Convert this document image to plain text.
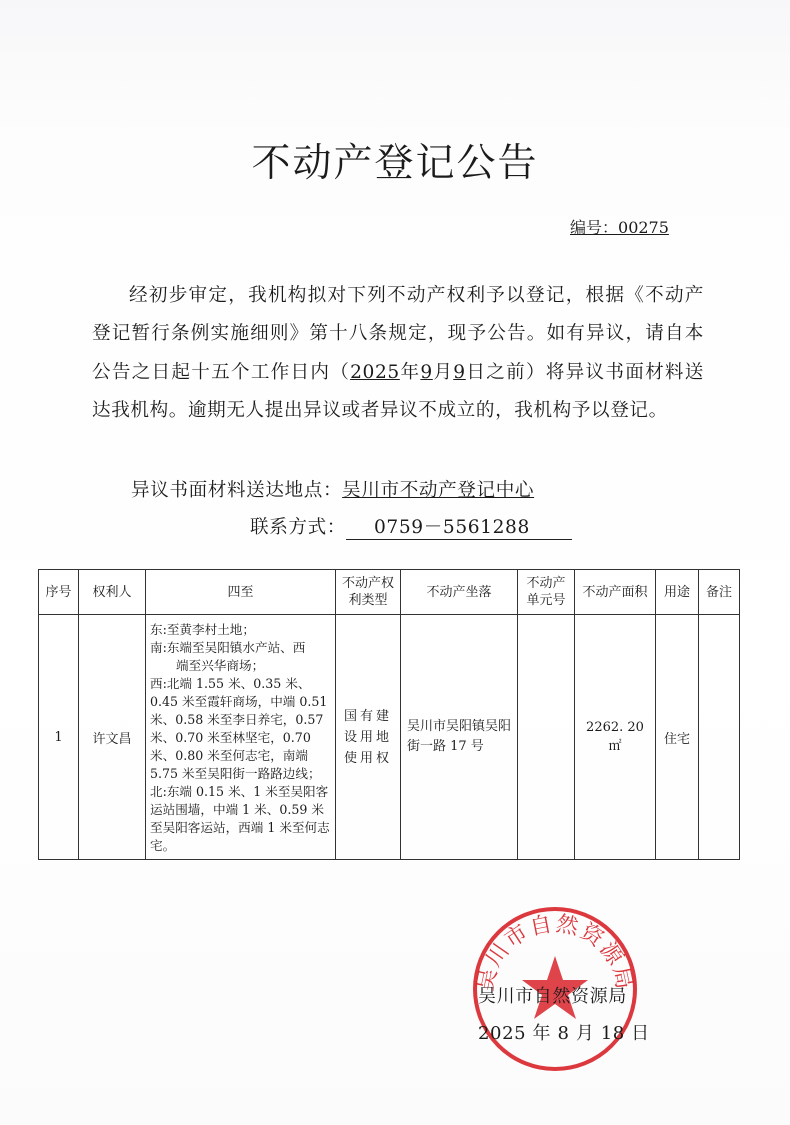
不动产登记公告
编号：00275
经初步审定，我机构拟对下列不动产权利予以登记，根据《不动产登记暂行条例实施细则》第十八条规定，现予公告。如有异议，请自本公告之日起十五个工作日内（2025年9月9日之前）将异议书面材料送达我机构。逾期无人提出异议或者异议不成立的，我机构予以登记。
异议书面材料送达地点：吴川市不动产登记中心
联系方式： 0759－5561288
序号	权利人	四至	不动产权利类型	不动产坐落	不动产单元号	不动产面积	用途	备注
1	许文昌	东:至黄李村土地；
南:东端至吴阳镇水产站、西
端至兴华商场；
西:北端 1.55 米、0.35 米、0.45 米至霞轩商场，中端 0.51 米、0.58 米至李日养宅，0.57 米、0.70 米至林坚宅，0.70 米、0.80 米至何志宅，南端 5.75 米至吴阳街一路路边线；
北:东端 0.15 米、1 米至吴阳客运站围墙，中端 1 米、0.59 米至吴阳客运站，西端 1 米至何志宅。	国有建设用地使用权	吴川市吴阳镇吴阳街一路 17 号		2262. 20 ㎡	住宅	
吴川市自然资源局
吴川市自然资源局
2025 年 8 月 18 日
